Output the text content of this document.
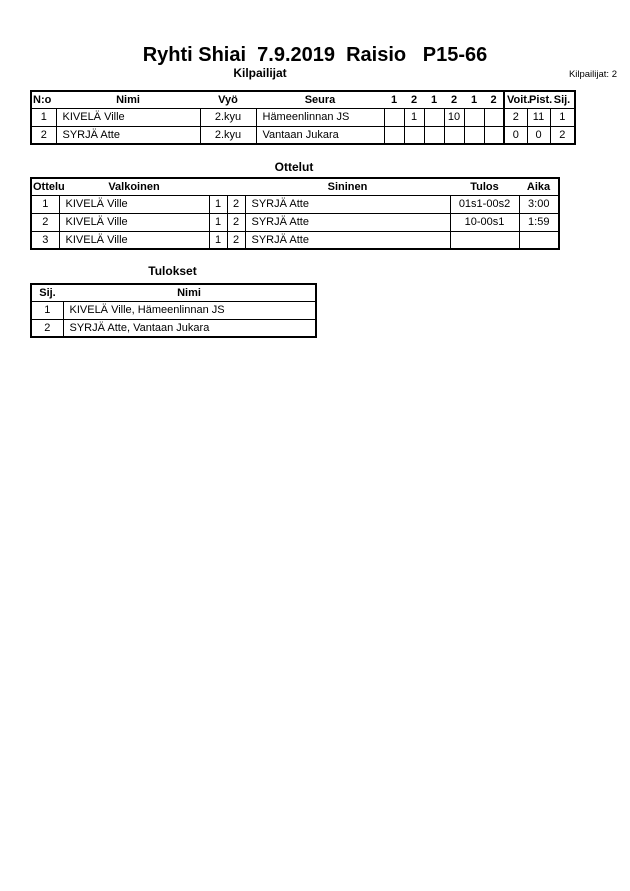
Ryhti Shiai  7.9.2019  Raisio   P15-66
Kilpailijat	Kilpailijat: 2
N:o	Nimi	Vyö	Seura	1	2	1	2	1	2	Voit.	Pist.	Sij.
1	KIVELÄ Ville	2.kyu	Hämeenlinnan JS		1		10			2	11	1
2	SYRJÄ Atte	2.kyu	Vantaan Jukara							0	0	2
Ottelut
Ottelu	Valkoinen			Sininen	Tulos	Aika
1	KIVELÄ Ville	1	2	SYRJÄ Atte	01s1-00s2	3:00
2	KIVELÄ Ville	1	2	SYRJÄ Atte	10-00s1	1:59
3	KIVELÄ Ville	1	2	SYRJÄ Atte		
Tulokset
Sij.	Nimi
1	KIVELÄ Ville, Hämeenlinnan JS
2	SYRJÄ Atte, Vantaan Jukara
